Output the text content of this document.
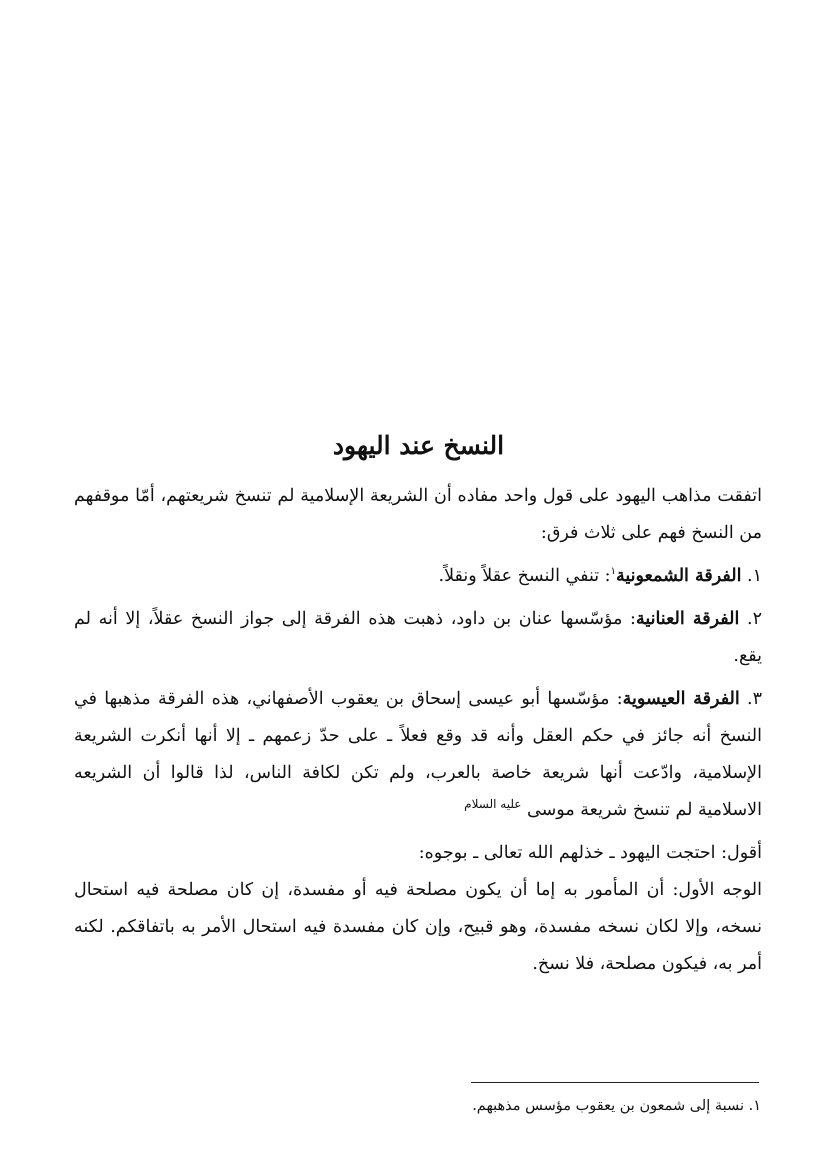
النسخ عند اليهود

اتفقت مذاهب اليهود على قول واحد مفاده أن الشريعة الإسلامية لم تنسخ شريعتهم، أمّا موقفهم من النسخ فهم على ثلاث فرق:

١. الفرقة الشمعونية$^١$: تنفي النسخ عقلاً ونقلاً.

٢. الفرقة العنانية: مؤسّسها عنان بن داود، ذهبت هذه الفرقة إلى جواز النسخ عقلاً، إلا أنه لم يقع.

٣. الفرقة العيسوية: مؤسّسها أبو عيسى إسحاق بن يعقوب الأصفهاني، هذه الفرقة مذهبها في النسخ أنه جائز في حكم العقل وأنه قد وقع فعلاً ـ على حدّ زعمهم ـ إلا أنها أنكرت الشريعة الإسلامية، وادّعت أنها شريعة خاصة بالعرب، ولم تكن لكافة الناس، لذا قالوا أن الشريعه الاسلامية لم تنسخ شريعة موسى $^{عليه السلام}$

أقول: احتجت اليهود ـ خذلهم الله تعالى ـ بوجوه:

الوجه الأول: أن المأمور به إما أن يكون مصلحة فيه أو مفسدة، إن كان مصلحة فيه استحال نسخه، وإلا لكان نسخه مفسدة، وهو قبيح، وإن كان مفسدة فيه استحال الأمر به باتفاقكم. لكنه أمر به، فيكون مصلحة، فلا نسخ.

١. نسبة إلى شمعون بن يعقوب مؤسس مذهبهم.
